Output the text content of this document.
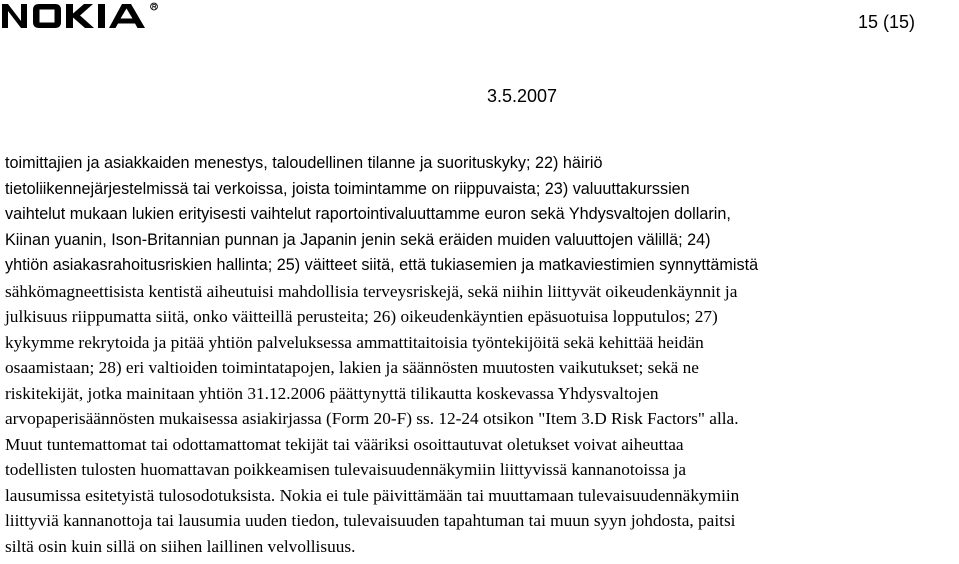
15 (15)
3.5.2007
toimittajien ja asiakkaiden menestys, taloudellinen tilanne ja suorituskyky; 22) häiriö
tietoliikennejärjestelmissä tai verkoissa, joista toimintamme on riippuvaista; 23) valuuttakurssien
vaihtelut mukaan lukien erityisesti vaihtelut raportointivaluuttamme euron sekä Yhdysvaltojen dollarin,
Kiinan yuanin, Ison-Britannian punnan ja Japanin jenin sekä eräiden muiden valuuttojen välillä; 24)
yhtiön asiakasrahoitusriskien hallinta; 25) väitteet siitä, että tukiasemien ja matkaviestimien synnyttämistä
sähkömagneettisista kentistä aiheutuisi mahdollisia terveysriskejä, sekä niihin liittyvät oikeudenkäynnit ja
julkisuus riippumatta siitä, onko väitteillä perusteita; 26) oikeudenkäyntien epäsuotuisa lopputulos; 27)
kykymme rekrytoida ja pitää yhtiön palveluksessa ammattitaitoisia työntekijöitä sekä kehittää heidän
osaamistaan; 28) eri valtioiden toimintatapojen, lakien ja säännösten muutosten vaikutukset; sekä ne
riskitekijät, jotka mainitaan yhtiön 31.12.2006 päättynyttä tilikautta koskevassa Yhdysvaltojen
arvopaperisäännösten mukaisessa asiakirjassa (Form 20-F) ss. 12-24 otsikon "Item 3.D Risk Factors" alla.
Muut tuntemattomat tai odottamattomat tekijät tai vääriksi osoittautuvat oletukset voivat aiheuttaa
todellisten tulosten huomattavan poikkeamisen tulevaisuudennäkymiin liittyvissä kannanotoissa ja
lausumissa esitetyistä tulosodotuksista. Nokia ei tule päivittämään tai muuttamaan tulevaisuudennäkymiin
liittyviä kannanottoja tai lausumia uuden tiedon, tulevaisuuden tapahtuman tai muun syyn johdosta, paitsi
siltä osin kuin sillä on siihen laillinen velvollisuus.
